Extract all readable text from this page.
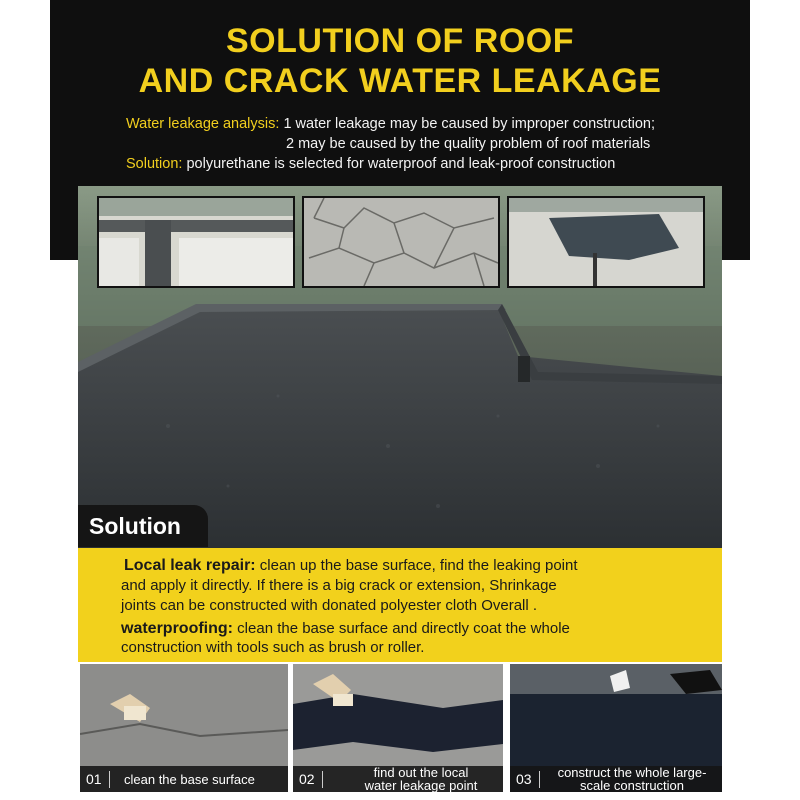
SOLUTION OF ROOF
AND CRACK WATER LEAKAGE
Water leakage analysis: 1 water leakage may be caused by improper construction;
2 may be caused by the quality problem of roof materials
Solution: polyurethane is selected for waterproof and leak-proof construction
Solution
Local leak repair: clean up the base surface, find the leaking point
and apply it directly. If there is a big crack or extension, Shrinkage
joints can be constructed with donated polyester cloth Overall .
waterproofing: clean the base surface and directly coat the whole
construction with tools such as brush or roller.
01 clean the base surface	02	find out the local
water leakage point	03	construct the whole large-
scale construction
